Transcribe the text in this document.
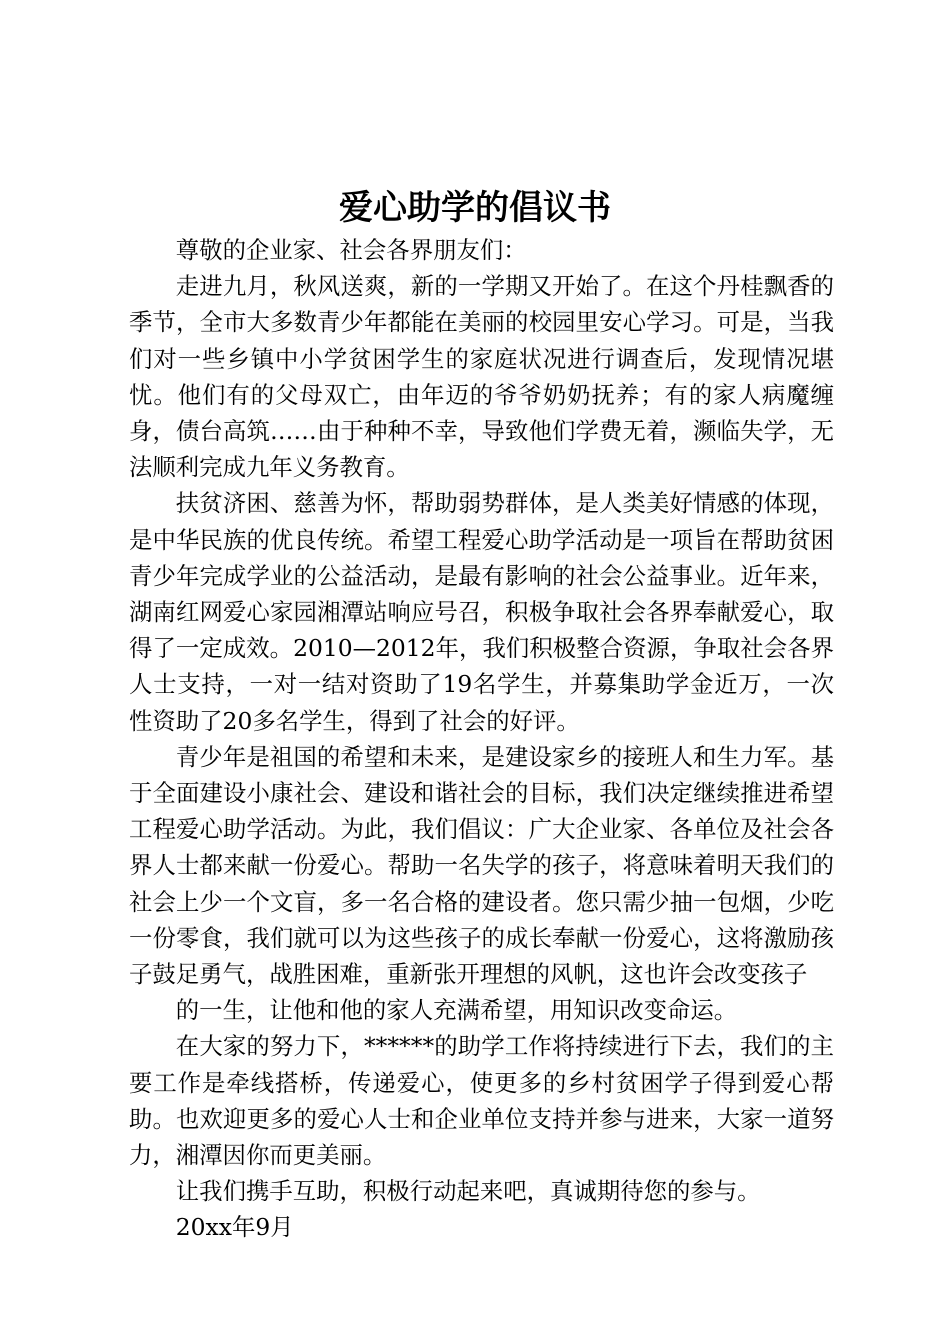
爱心助学的倡议书

尊敬的企业家、社会各界朋友们：

走进九月，秋风送爽，新的一学期又开始了。在这个丹桂飘香的季节，全市大多数青少年都能在美丽的校园里安心学习。可是，当我们对一些乡镇中小学贫困学生的家庭状况进行调查后，发现情况堪忧。他们有的父母双亡，由年迈的爷爷奶奶抚养；有的家人病魔缠身，债台高筑……由于种种不幸，导致他们学费无着，濒临失学，无法顺利完成九年义务教育。

扶贫济困、慈善为怀，帮助弱势群体，是人类美好情感的体现，是中华民族的优良传统。希望工程爱心助学活动是一项旨在帮助贫困青少年完成学业的公益活动，是最有影响的社会公益事业。近年来，湖南红网爱心家园湘潭站响应号召，积极争取社会各界奉献爱心，取得了一定成效。2010—2012年，我们积极整合资源，争取社会各界人士支持，一对一结对资助了19名学生，并募集助学金近万，一次性资助了20多名学生，得到了社会的好评。

青少年是祖国的希望和未来，是建设家乡的接班人和生力军。基于全面建设小康社会、建设和谐社会的目标，我们决定继续推进希望工程爱心助学活动。为此，我们倡议：广大企业家、各单位及社会各界人士都来献一份爱心。帮助一名失学的孩子，将意味着明天我们的社会上少一个文盲，多一名合格的建设者。您只需少抽一包烟，少吃一份零食，我们就可以为这些孩子的成长奉献一份爱心，这将激励孩子鼓足勇气，战胜困难，重新张开理想的风帆，这也许会改变孩子

的一生，让他和他的家人充满希望，用知识改变命运。

在大家的努力下，******的助学工作将持续进行下去，我们的主要工作是牵线搭桥，传递爱心，使更多的乡村贫困学子得到爱心帮助。也欢迎更多的爱心人士和企业单位支持并参与进来，大家一道努力，湘潭因你而更美丽。

让我们携手互助，积极行动起来吧，真诚期待您的参与。

20xx年9月
